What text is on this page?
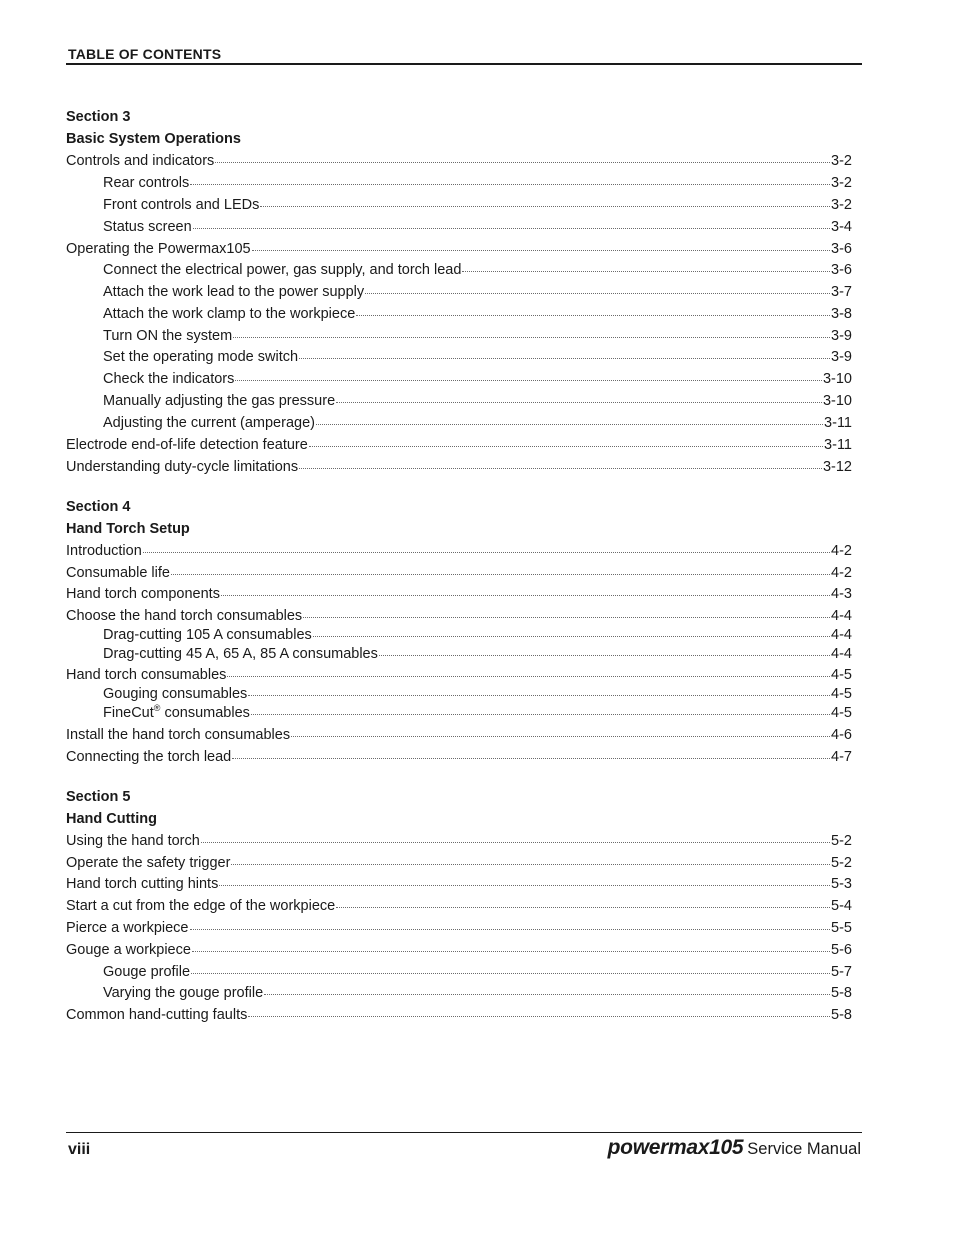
TABLE OF CONTENTS
Section 3
Basic System Operations
Controls and indicators	3-2
Rear controls	3-2
Front controls and LEDs	3-2
Status screen	3-4
Operating the Powermax105	3-6
Connect the electrical power, gas supply, and torch lead	3-6
Attach the work lead to the power supply	3-7
Attach the work clamp to the workpiece	3-8
Turn ON the system	3-9
Set the operating mode switch	3-9
Check the indicators	3-10
Manually adjusting the gas pressure	3-10
Adjusting the current (amperage)	3-11
Electrode end-of-life detection feature	3-11
Understanding duty-cycle limitations	3-12
Section 4
Hand Torch Setup
Introduction	4-2
Consumable life	4-2
Hand torch components	4-3
Choose the hand torch consumables	4-4
Drag-cutting 105 A consumables	4-4
Drag-cutting 45 A, 65 A, 85 A consumables	4-4
Hand torch consumables	4-5
Gouging consumables	4-5
FineCut® consumables	4-5
Install the hand torch consumables	4-6
Connecting the torch lead	4-7
Section 5
Hand Cutting
Using the hand torch	5-2
Operate the safety trigger	5-2
Hand torch cutting hints	5-3
Start a cut from the edge of the workpiece	5-4
Pierce a workpiece	5-5
Gouge a workpiece	5-6
Gouge profile	5-7
Varying the gouge profile	5-8
Common hand-cutting faults	5-8
viii	powermax105 Service Manual
